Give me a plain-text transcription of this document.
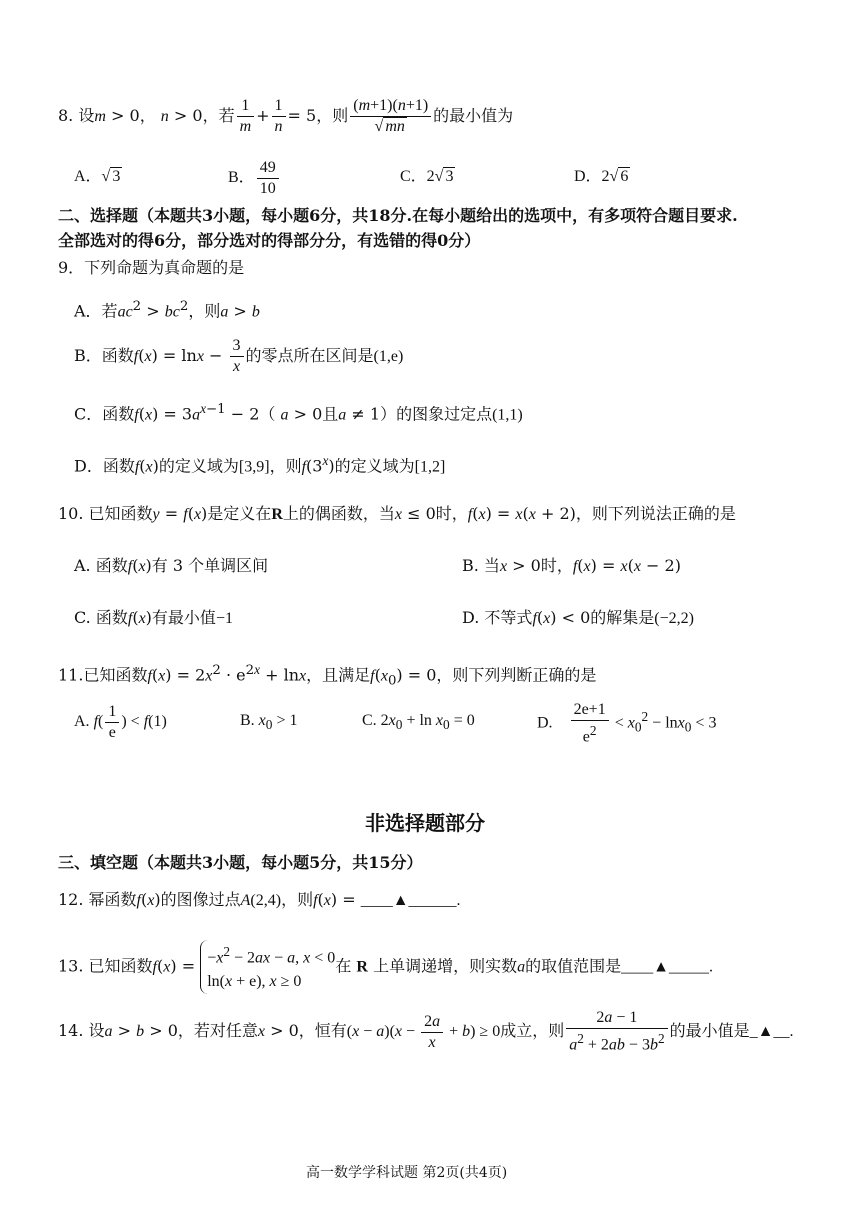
8. 设m > 0， n > 0，若 $\frac{1}{m} + \frac{1}{n} = 5$，则 $\frac{(m+1)(n+1)}{√ mn}$ 的最小值为
A．√ 3	B． $\frac{49}{10}$	C．2√ 3	D．2√ 6
二、选择题（本题共3小题，每小题6分，共18分.在每小题给出的选项中，有多项符合题目要求.
全部选对的得6分，部分选对的得部分分，有选错的得0分）
9．下列命题为真命题的是
A．若$ac^2 > bc^2$，则a > b
B．函数$f(x) = \ln x - \frac{3}{x}$ 的零点所在区间是(1,e)
C．函数$f(x) = 3a^{x-1} - 2$（ a > 0且a ≠ 1）的图象过定点(1,1)
D．函数f(x)的定义域为[3,9]，则f(3$^x$)的定义域为[1,2]
10. 已知函数y = f(x)是定义在R上的偶函数，当x ≤ 0时，f(x) = x(x + 2)，则下列说法正确的是
A. 函数f(x)有 3 个单调区间	B. 当x > 0时，f(x) = x(x − 2)
C. 函数f(x)有最小值−1	D. 不等式f(x) < 0的解集是(−2,2)
11.已知函数$f(x) = 2x^2 \cdot e^{2x} + \ln x$，且满足$f(x_0) = 0$，则下列判断正确的是
A. $f( \frac{1}{e}$ ) < f(1)	B. $x_0 > 1$	C. $2x_0 + \ln x_0 = 0$	D. $\frac{2e+1}{e^2} < x_0^2 - \ln x_0 < 3$
非选择题部分
三、填空题（本题共3小题，每小题5分，共15分）
12. 幂函数f(x)的图像过点A(2,4)，则f(x) = ____▲______.
13. 已知函数$f(x) = -x^2 - 2ax - a$, x < 0
ln(x + e), x ≥ 0
在 R 上单调递增，则实数a的取值范围是____▲_____.
14. 设a > b > 0，若对任意x > 0，恒有$(x - a)(x - \frac{2a}{x} + b) \ge 0$成立，则 $\frac{2a - 1}{a^2 + 2ab - 3b^2}$ 的最小值是_▲__.
高一数学学科试题 第2页(共4页)
